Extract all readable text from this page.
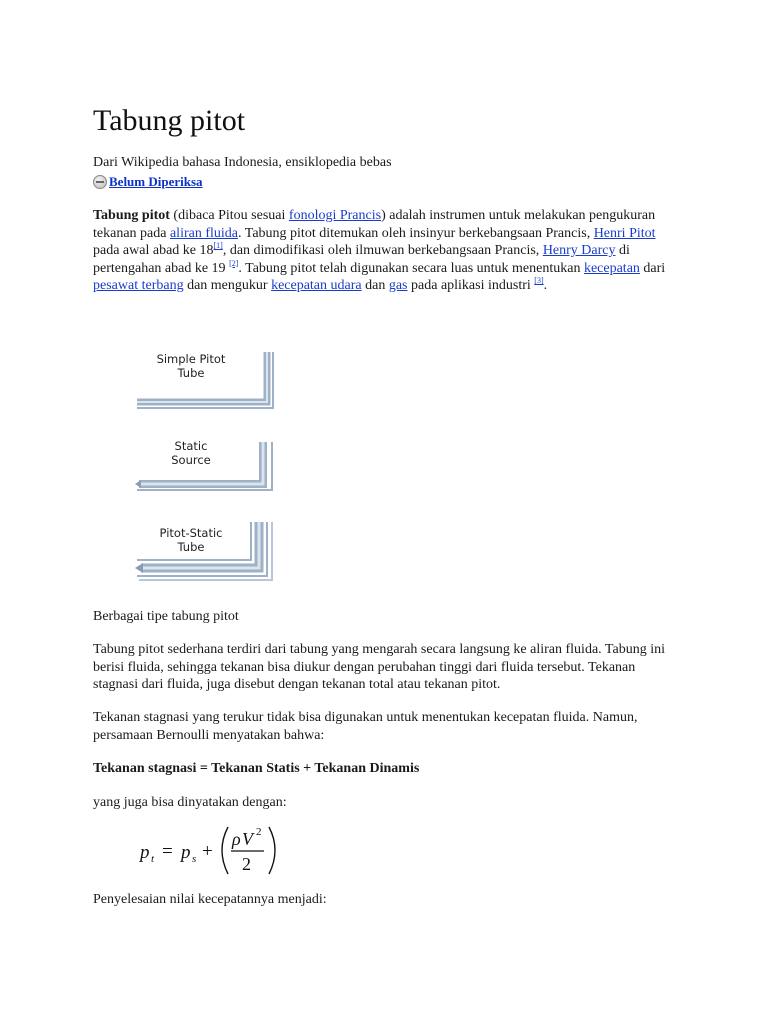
Tabung pitot
Dari Wikipedia bahasa Indonesia, ensiklopedia bebas
Belum Diperiksa

Tabung pitot (dibaca Pitou sesuai fonologi Prancis) adalah instrumen untuk melakukan pengukuran tekanan pada aliran fluida. Tabung pitot ditemukan oleh insinyur berkebangsaan Prancis, Henri Pitot pada awal abad ke 18[1], dan dimodifikasi oleh ilmuwan berkebangsaan Prancis, Henry Darcy di pertengahan abad ke 19 [2]. Tabung pitot telah digunakan secara luas untuk menentukan kecepatan dari pesawat terbang dan mengukur kecepatan udara dan gas pada aplikasi industri [3].

Simple Pitot
Tube
Static
Source
Pitot-Static
Tube

Berbagai tipe tabung pitot

Tabung pitot sederhana terdiri dari tabung yang mengarah secara langsung ke aliran fluida. Tabung ini berisi fluida, sehingga tekanan bisa diukur dengan perubahan tinggi dari fluida tersebut. Tekanan stagnasi dari fluida, juga disebut dengan tekanan total atau tekanan pitot.

Tekanan stagnasi yang terukur tidak bisa digunakan untuk menentukan kecepatan fluida. Namun, persamaan Bernoulli menyatakan bahwa:

Tekanan stagnasi = Tekanan Statis + Tekanan Dinamis

yang juga bisa dinyatakan dengan:

p t = p s +
ρ V 2
2

Penyelesaian nilai kecepatannya menjadi:
